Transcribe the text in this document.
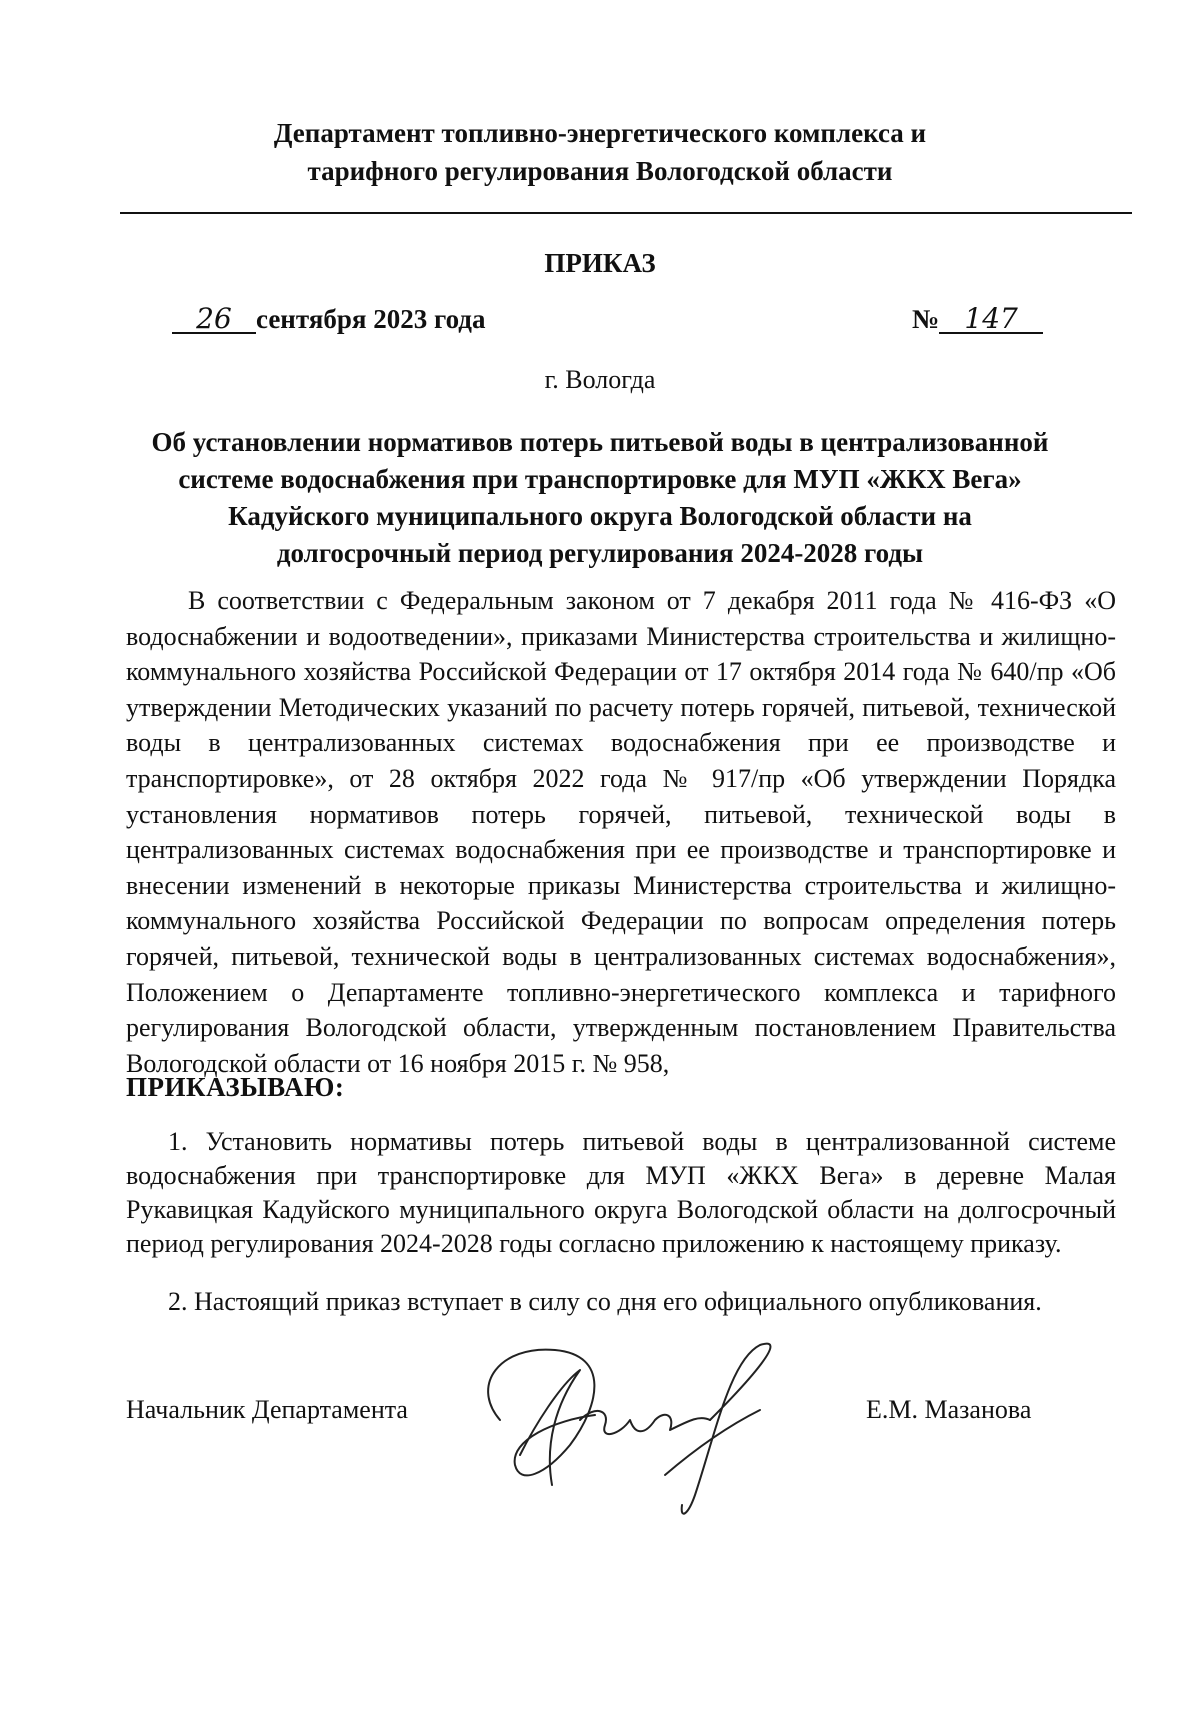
Департамент топливно-энергетического комплекса и
тарифного регулирования Вологодской области
ПРИКАЗ
26 сентября 2023 года	№ 147
г. Вологда
Об установлении нормативов потерь питьевой воды в централизованной
системе водоснабжения при транспортировке для МУП «ЖКХ Вега»
Кадуйского муниципального округа Вологодской области на
долгосрочный период регулирования 2024-2028 годы
В соответствии с Федеральным законом от 7 декабря 2011 года № 416-ФЗ «О водоснабжении и водоотведении», приказами Министерства строительства и жилищно-коммунального хозяйства Российской Федерации от 17 октября 2014 года № 640/пр «Об утверждении Методических указаний по расчету потерь горячей, питьевой, технической воды в централизованных системах водоснабжения при ее производстве и транспортировке», от 28 октября 2022 года № 917/пр «Об утверждении Порядка установления нормативов потерь горячей, питьевой, технической воды в централизованных системах водоснабжения при ее производстве и транспортировке и внесении изменений в некоторые приказы Министерства строительства и жилищно-коммунального хозяйства Российской Федерации по вопросам определения потерь горячей, питьевой, технической воды в централизованных системах водоснабжения», Положением о Департаменте топливно-энергетического комплекса и тарифного регулирования Вологодской области, утвержденным постановлением Правительства Вологодской области от 16 ноября 2015 г. № 958,
ПРИКАЗЫВАЮ:
1. Установить нормативы потерь питьевой воды в централизованной системе водоснабжения при транспортировке для МУП «ЖКХ Вега» в деревне Малая Рукавицкая Кадуйского муниципального округа Вологодской области на долгосрочный период регулирования 2024-2028 годы согласно приложению к настоящему приказу.
2. Настоящий приказ вступает в силу со дня его официального опубликования.
Начальник Департамента	Е.М. Мазанова
